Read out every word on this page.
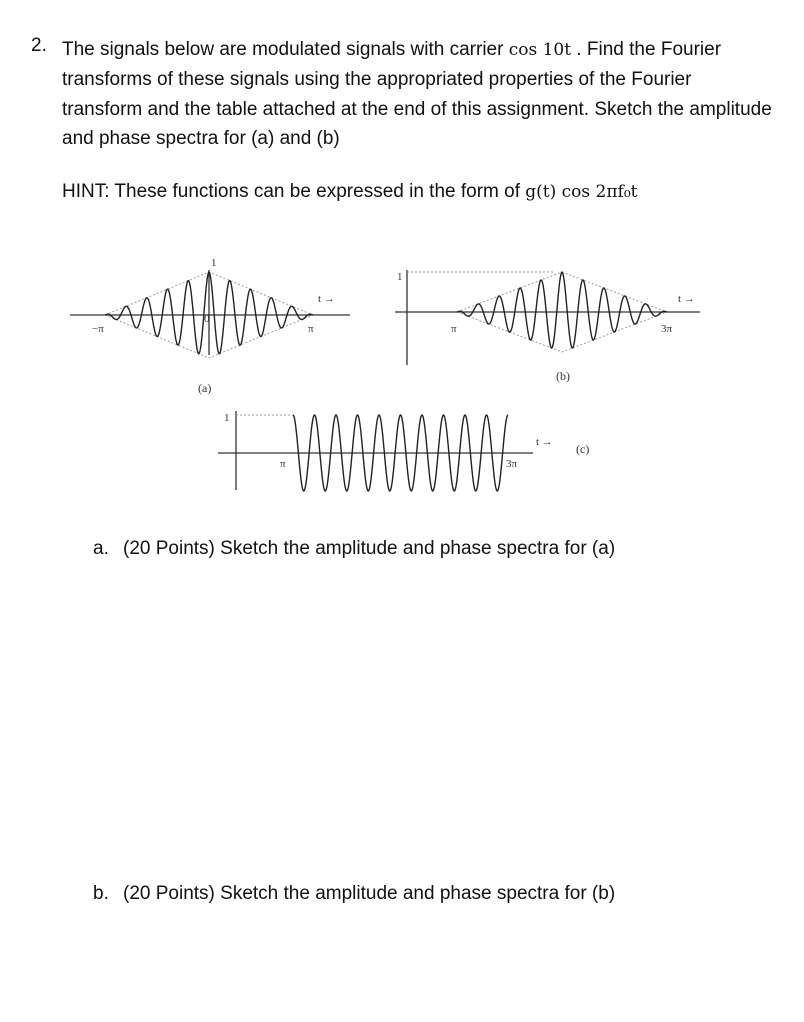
2. The signals below are modulated signals with carrier cos 10t . Find the Fourier transforms of these signals using the appropriated properties of the Fourier transform and the table attached at the end of this assignment. Sketch the amplitude and phase spectra for (a) and (b)
HINT: These functions can be expressed in the form of g(t) cos 2πf₀t
−π
0
1
π
t →
(a)
1
π	3π
t →
(b)
1
π	3π
t → (c)
a. (20 Points) Sketch the amplitude and phase spectra for (a)
b. (20 Points) Sketch the amplitude and phase spectra for (b)
